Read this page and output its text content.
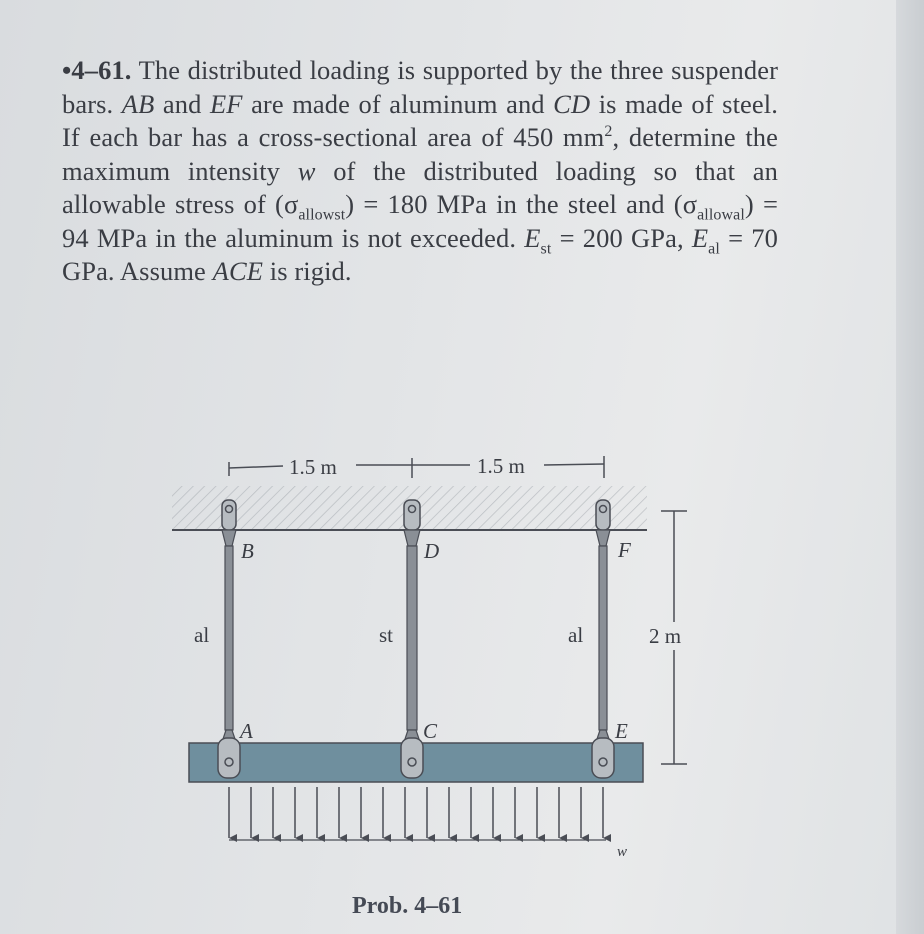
•4–61. The distributed loading is supported by the three suspender bars. AB and EF are made of aluminum and CD is made of steel. If each bar has a cross-sectional area of 450 $mm^2$, determine the maximum intensity w of the distributed loading so that an allowable stress of $(\sigma_{allowst}) = 180$ MPa in the steel and $(\sigma_{allowal}) = 94$ MPa in the aluminum is not exceeded. $E_{st} = 200$ GPa, $E_{al} = 70$ GPa. Assume ACE is rigid.
1.5 m	1.5 m
2 m
w
B	D	F
A	C	E
al	st	al
Prob. 4–61
